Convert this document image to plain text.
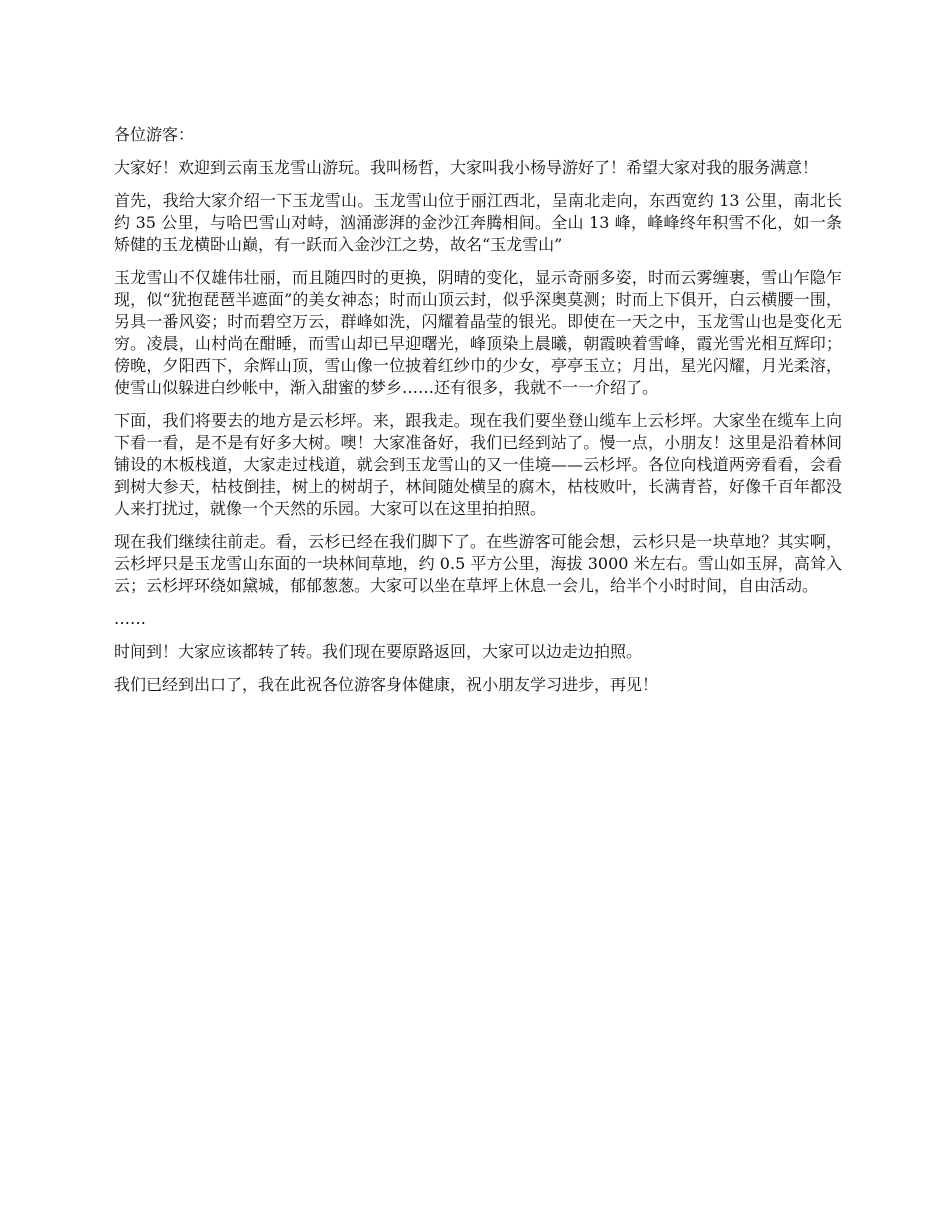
各位游客：

大家好！欢迎到云南玉龙雪山游玩。我叫杨哲，大家叫我小杨导游好了！希望大家对我的服务满意！

首先，我给大家介绍一下玉龙雪山。玉龙雪山位于丽江西北，呈南北走向，东西宽约 13 公里，南北长约 35 公里，与哈巴雪山对峙，汹涌澎湃的金沙江奔腾相间。全山 13 峰，峰峰终年积雪不化，如一条矫健的玉龙横卧山巅，有一跃而入金沙江之势，故名“玉龙雪山”

玉龙雪山不仅雄伟壮丽，而且随四时的更换，阴晴的变化，显示奇丽多姿，时而云雾缠裹，雪山乍隐乍现，似“犹抱琵琶半遮面”的美女神态；时而山顶云封，似乎深奥莫测；时而上下俱开，白云横腰一围，另具一番风姿；时而碧空万云，群峰如洗，闪耀着晶莹的银光。即使在一天之中，玉龙雪山也是变化无穷。凌晨，山村尚在酣睡，而雪山却已早迎曙光，峰顶染上晨曦，朝霞映着雪峰，霞光雪光相互辉印；傍晚，夕阳西下，余辉山顶，雪山像一位披着红纱巾的少女，亭亭玉立；月出，星光闪耀，月光柔溶，使雪山似躲进白纱帐中，渐入甜蜜的梦乡……还有很多，我就不一一介绍了。

下面，我们将要去的地方是云杉坪。来，跟我走。现在我们要坐登山缆车上云杉坪。大家坐在缆车上向下看一看，是不是有好多大树。噢！大家准备好，我们已经到站了。慢一点，小朋友！这里是沿着林间铺设的木板栈道，大家走过栈道，就会到玉龙雪山的又一佳境——云杉坪。各位向栈道两旁看看，会看到树大参天，枯枝倒挂，树上的树胡子，林间随处横呈的腐木，枯枝败叶，长满青苔，好像千百年都没人来打扰过，就像一个天然的乐园。大家可以在这里拍拍照。

现在我们继续往前走。看，云杉已经在我们脚下了。在些游客可能会想，云杉只是一块草地？其实啊，云杉坪只是玉龙雪山东面的一块林间草地，约 0.5 平方公里，海拔 3000 米左右。雪山如玉屏，高耸入云；云杉坪环绕如黛城，郁郁葱葱。大家可以坐在草坪上休息一会儿，给半个小时时间，自由活动。

……

时间到！大家应该都转了转。我们现在要原路返回，大家可以边走边拍照。

我们已经到出口了，我在此祝各位游客身体健康，祝小朋友学习进步，再见！
